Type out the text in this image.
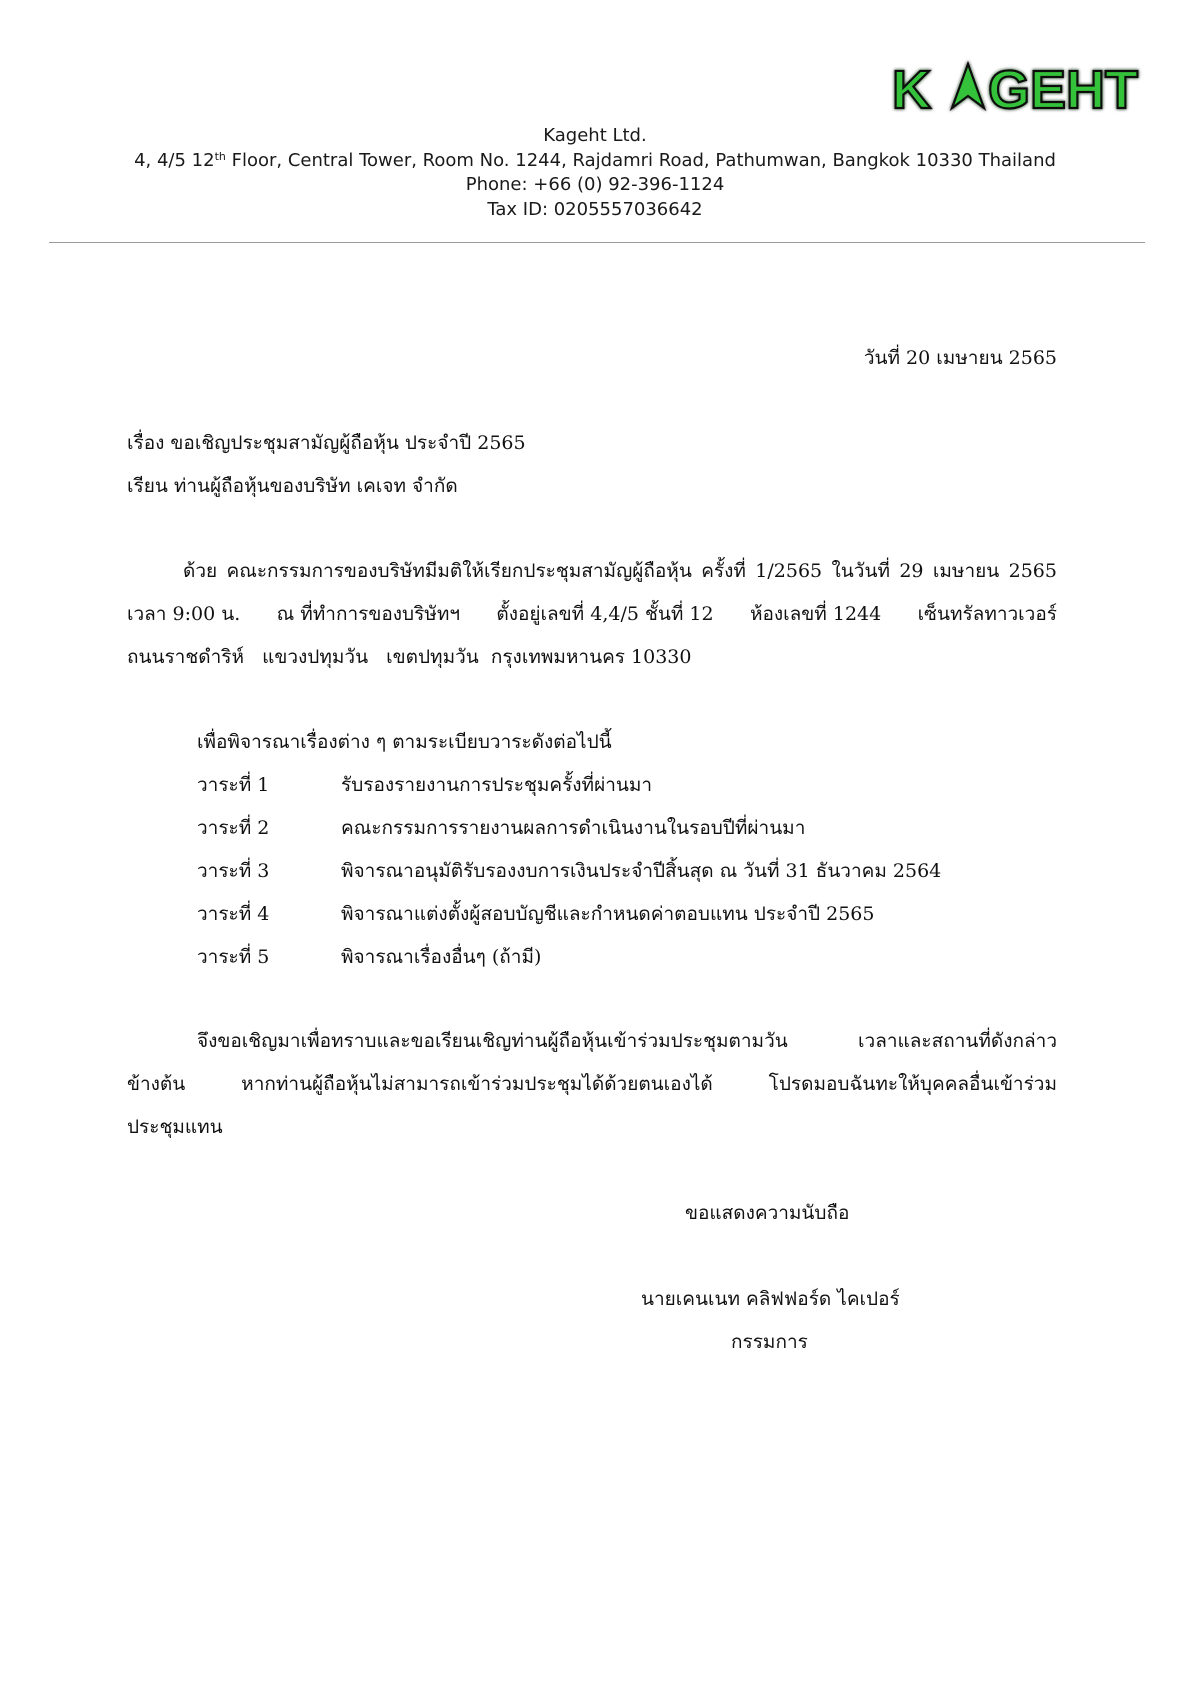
K GEHT
Kageht Ltd.
4, 4/5 12th Floor, Central Tower, Room No. 1244, Rajdamri Road, Pathumwan, Bangkok 10330 Thailand
Phone: +66 (0) 92-396-1124
Tax ID: 0205557036642
วันที่ 20 เมษายน 2565
เรื่อง ขอเชิญประชุมสามัญผู้ถือหุ้น ประจำปี 2565
เรียน ท่านผู้ถือหุ้นของบริษัท เคเจท จำกัด
ด้วย คณะกรรมการของบริษัทมีมติให้เรียกประชุมสามัญผู้ถือหุ้น ครั้งที่ 1/2565 ในวันที่ 29 เมษายน 2565
เวลา 9:00 น. ณ ที่ทำการของบริษัทฯ ตั้งอยู่เลขที่ 4,4/5 ชั้นที่ 12 ห้องเลขที่ 1244 เซ็นทรัลทาวเวอร์
ถนนราชดำริห์   แขวงปทุมวัน   เขตปทุมวัน  กรุงเทพมหานคร 10330
เพื่อพิจารณาเรื่องต่าง ๆ ตามระเบียบวาระดังต่อไปนี้
วาระที่ 1	รับรองรายงานการประชุมครั้งที่ผ่านมา
วาระที่ 2	คณะกรรมการรายงานผลการดำเนินงานในรอบปีที่ผ่านมา
วาระที่ 3	พิจารณาอนุมัติรับรองงบการเงินประจำปีสิ้นสุด ณ วันที่ 31 ธันวาคม 2564
วาระที่ 4	พิจารณาแต่งตั้งผู้สอบบัญชีและกำหนดค่าตอบแทน ประจำปี 2565
วาระที่ 5	พิจารณาเรื่องอื่นๆ (ถ้ามี)
จึงขอเชิญมาเพื่อทราบและขอเรียนเชิญท่านผู้ถือหุ้นเข้าร่วมประชุมตามวัน	เวลาและสถานที่ดังกล่าว
ข้างต้น	หากท่านผู้ถือหุ้นไม่สามารถเข้าร่วมประชุมได้ด้วยตนเองได้	โปรดมอบฉันทะให้บุคคลอื่นเข้าร่วม
ประชุมแทน
ขอแสดงความนับถือ
นายเคนเนท คลิฟฟอร์ด ไคเปอร์
กรรมการ
